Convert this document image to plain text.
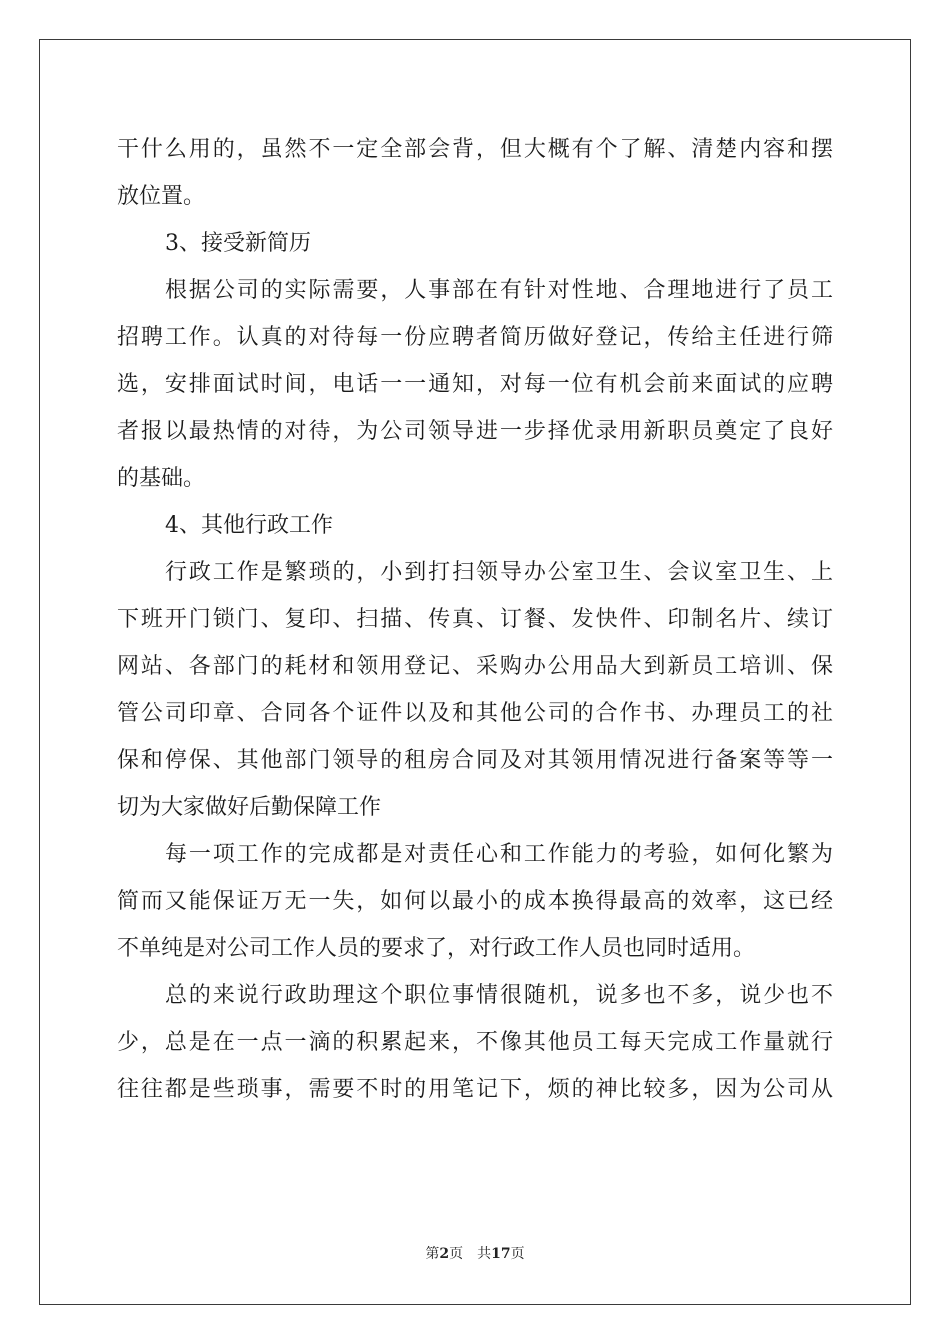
干什么用的，虽然不一定全部会背，但大概有个了解、清楚内容和摆
放位置。
3、接受新简历
根据公司的实际需要，人事部在有针对性地、合理地进行了员工
招聘工作。认真的对待每一份应聘者简历做好登记，传给主任进行筛
选，安排面试时间，电话一一通知，对每一位有机会前来面试的应聘
者报以最热情的对待，为公司领导进一步择优录用新职员奠定了良好
的基础。
4、其他行政工作
行政工作是繁琐的，小到打扫领导办公室卫生、会议室卫生、上
下班开门锁门、复印、扫描、传真、订餐、发快件、印制名片、续订
网站、各部门的耗材和领用登记、采购办公用品大到新员工培训、保
管公司印章、合同各个证件以及和其他公司的合作书、办理员工的社
保和停保、其他部门领导的租房合同及对其领用情况进行备案等等一
切为大家做好后勤保障工作
每一项工作的完成都是对责任心和工作能力的考验，如何化繁为
简而又能保证万无一失，如何以最小的成本换得最高的效率，这已经
不单纯是对公司工作人员的要求了，对行政工作人员也同时适用。
总的来说行政助理这个职位事情很随机，说多也不多，说少也不
少，总是在一点一滴的积累起来，不像其他员工每天完成工作量就行
往往都是些琐事，需要不时的用笔记下，烦的神比较多，因为公司从
第2页 共17页
